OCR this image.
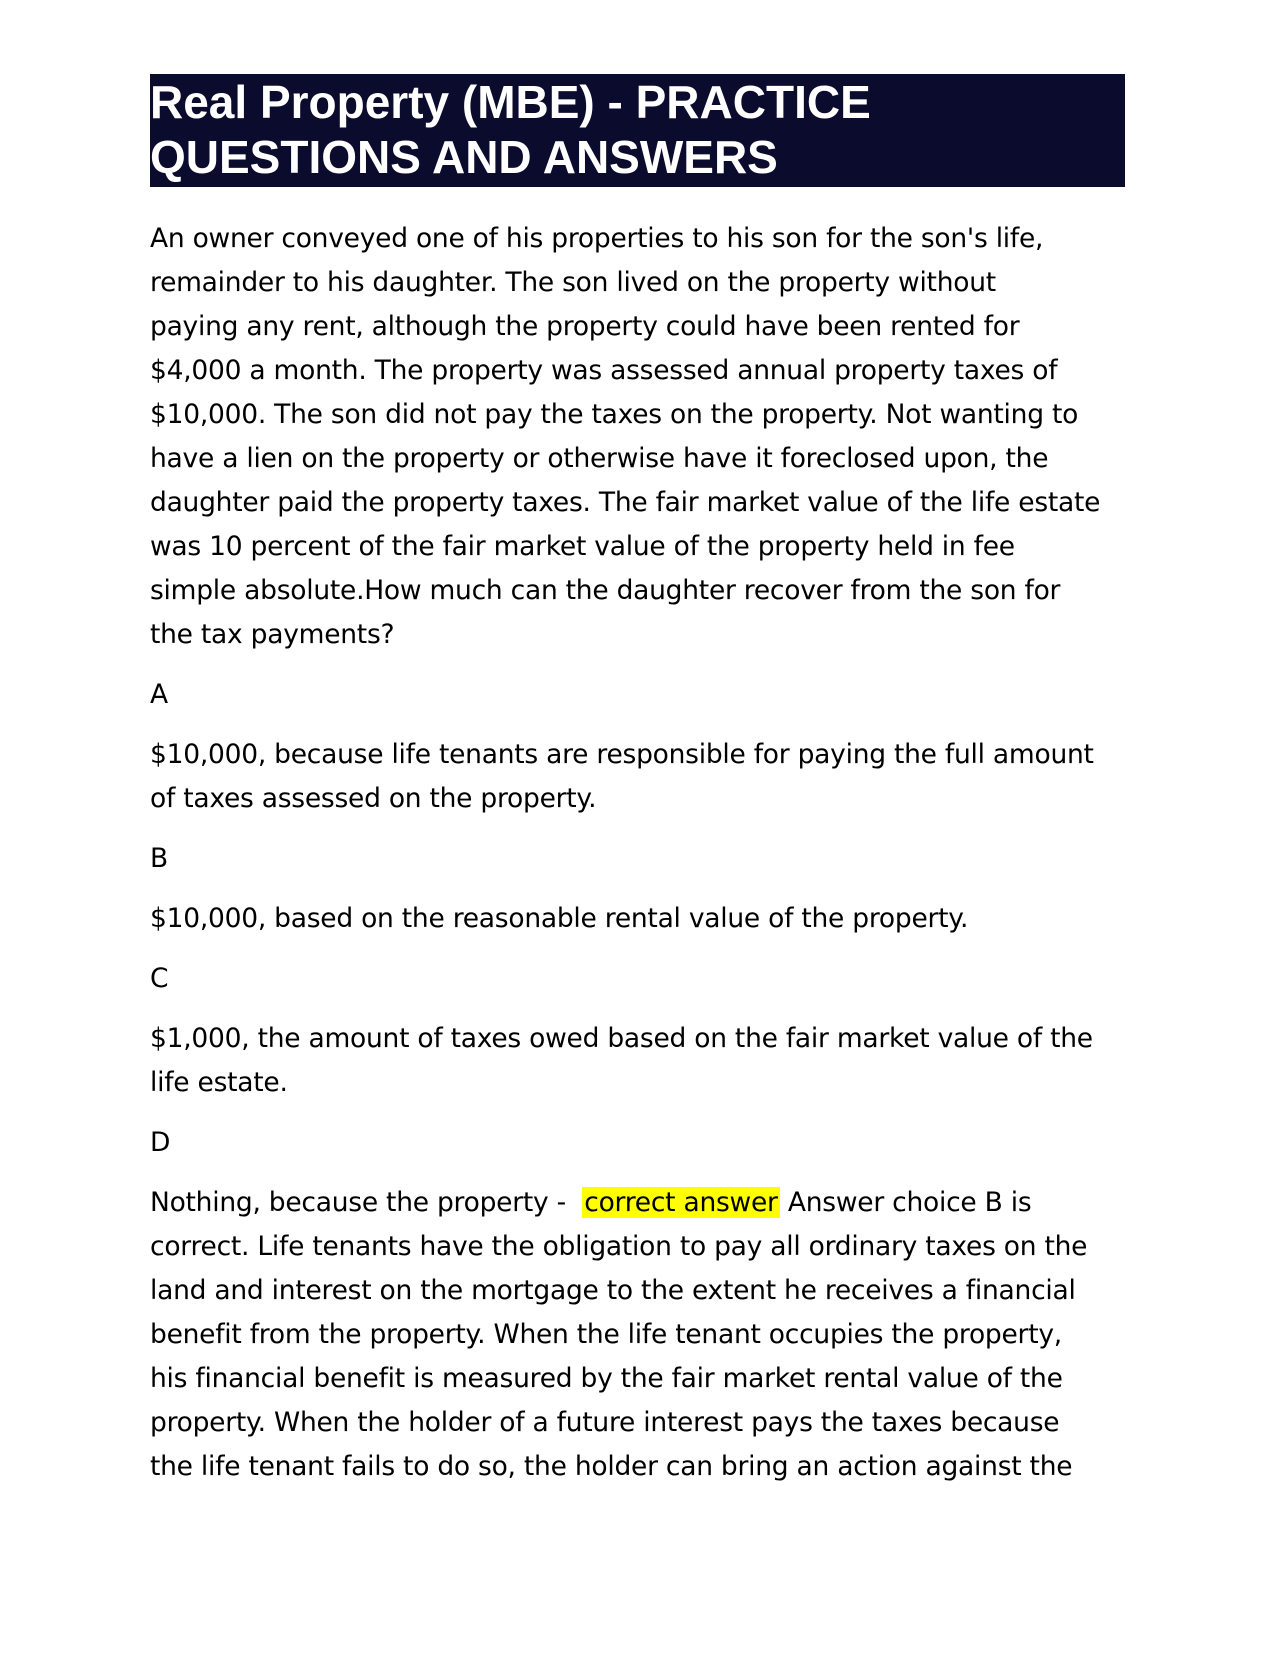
Real Property (MBE) - PRACTICE
QUESTIONS AND ANSWERS

An owner conveyed one of his properties to his son for the son's life,
remainder to his daughter. The son lived on the property without
paying any rent, although the property could have been rented for
$4,000 a month. The property was assessed annual property taxes of
$10,000. The son did not pay the taxes on the property. Not wanting to
have a lien on the property or otherwise have it foreclosed upon, the
daughter paid the property taxes. The fair market value of the life estate
was 10 percent of the fair market value of the property held in fee
simple absolute.How much can the daughter recover from the son for
the tax payments?

A

$10,000, because life tenants are responsible for paying the full amount
of taxes assessed on the property.

B

$10,000, based on the reasonable rental value of the property.

C

$1,000, the amount of taxes owed based on the fair market value of the
life estate.

D

Nothing, because the property -  correct answer Answer choice B is
correct. Life tenants have the obligation to pay all ordinary taxes on the
land and interest on the mortgage to the extent he receives a financial
benefit from the property. When the life tenant occupies the property,
his financial benefit is measured by the fair market rental value of the
property. When the holder of a future interest pays the taxes because
the life tenant fails to do so, the holder can bring an action against the
